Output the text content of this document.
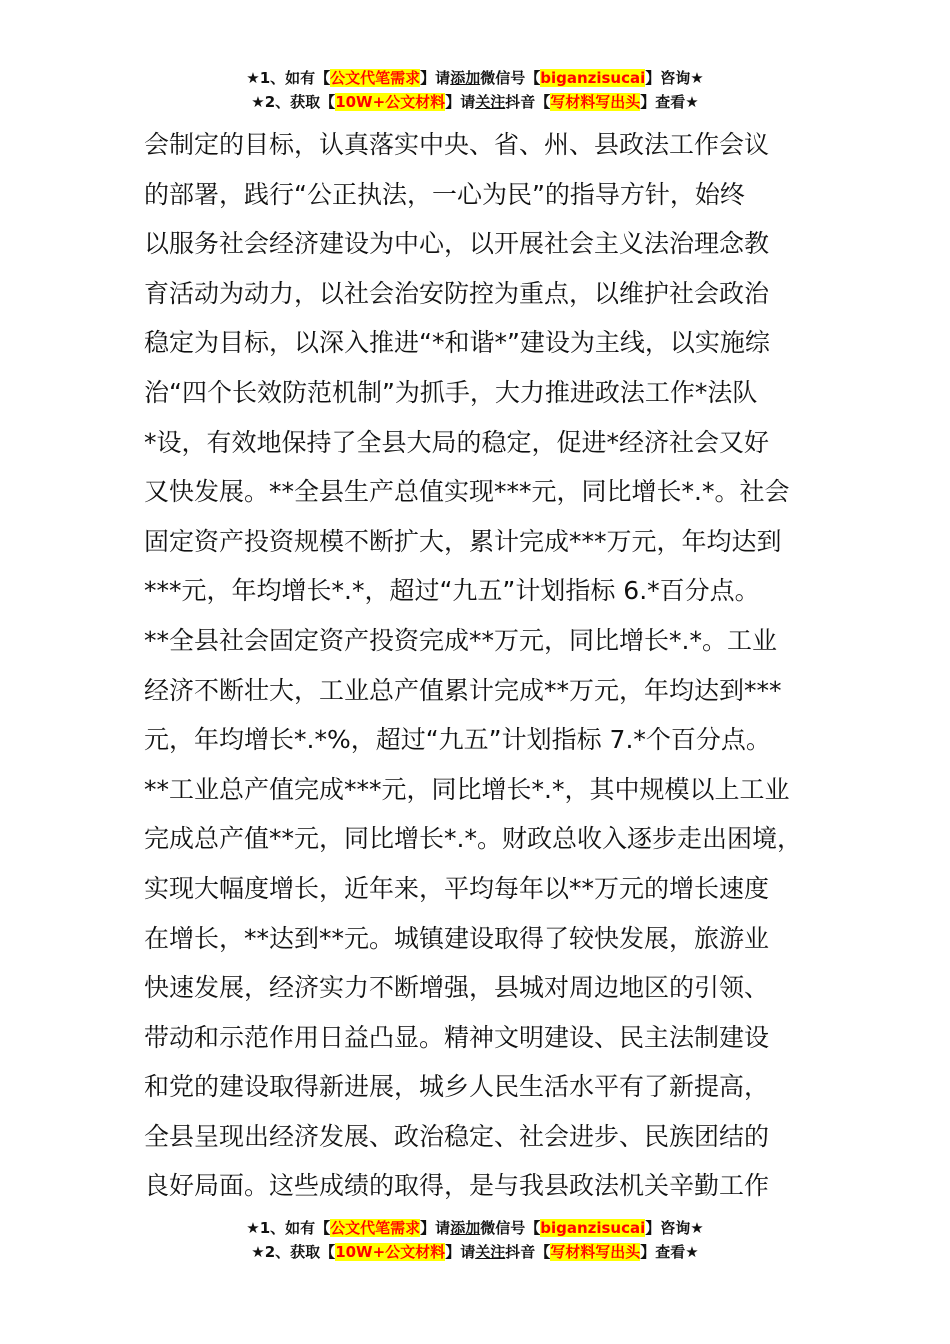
★1、如有【公文代笔需求】请添加微信号【biganzisucai】咨询★
★2、获取【10W+公文材料】请关注抖音【写材料写出头】查看★
会制定的目标，认真落实中央、省、州、县政法工作会议
的部署，践行“公正执法，一心为民”的指导方针，始终
以服务社会经济建设为中心，以开展社会主义法治理念教
育活动为动力，以社会治安防控为重点，以维护社会政治
稳定为目标，以深入推进“*和谐*”建设为主线，以实施综
治“四个长效防范机制”为抓手，大力推进政法工作*法队
*设，有效地保持了全县大局的稳定，促进*经济社会又好
又快发展。**全县生产总值实现***元，同比增长*.*。社会
固定资产投资规模不断扩大，累计完成***万元，年均达到
***元，年均增长*.*，超过“九五”计划指标 6.*百分点。
**全县社会固定资产投资完成**万元，同比增长*.*。工业
经济不断壮大，工业总产值累计完成**万元，年均达到***
元，年均增长*.*%，超过“九五”计划指标 7.*个百分点。
**工业总产值完成***元，同比增长*.*，其中规模以上工业
完成总产值**元，同比增长*.*。财政总收入逐步走出困境，
实现大幅度增长，近年来，平均每年以**万元的增长速度
在增长，**达到**元。城镇建设取得了较快发展，旅游业
快速发展，经济实力不断增强，县城对周边地区的引领、
带动和示范作用日益凸显。精神文明建设、民主法制建设
和党的建设取得新进展，城乡人民生活水平有了新提高，
全县呈现出经济发展、政治稳定、社会进步、民族团结的
良好局面。这些成绩的取得，是与我县政法机关辛勤工作
★1、如有【公文代笔需求】请添加微信号【biganzisucai】咨询★
★2、获取【10W+公文材料】请关注抖音【写材料写出头】查看★
